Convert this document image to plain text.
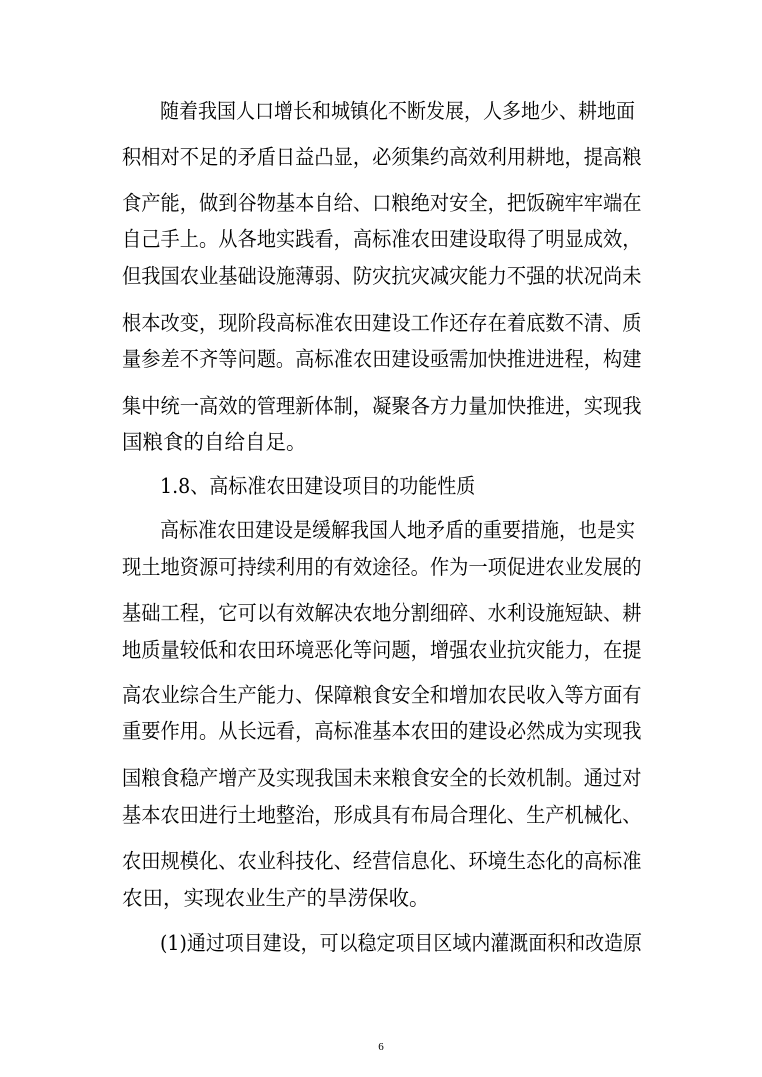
随着我国人口增长和城镇化不断发展，人多地少、耕地面
积相对不足的矛盾日益凸显，必须集约高效利用耕地，提高粮
食产能，做到谷物基本自给、口粮绝对安全，把饭碗牢牢端在
自己手上。从各地实践看，高标准农田建设取得了明显成效，
但我国农业基础设施薄弱、防灾抗灾减灾能力不强的状况尚未
根本改变，现阶段高标准农田建设工作还存在着底数不清、质
量参差不齐等问题。高标准农田建设亟需加快推进进程，构建
集中统一高效的管理新体制，凝聚各方力量加快推进，实现我
国粮食的自给自足。
1.8、高标准农田建设项目的功能性质
高标准农田建设是缓解我国人地矛盾的重要措施，也是实
现土地资源可持续利用的有效途径。作为一项促进农业发展的
基础工程，它可以有效解决农地分割细碎、水利设施短缺、耕
地质量较低和农田环境恶化等问题，增强农业抗灾能力，在提
高农业综合生产能力、保障粮食安全和增加农民收入等方面有
重要作用。从长远看，高标准基本农田的建设必然成为实现我
国粮食稳产增产及实现我国未来粮食安全的长效机制。通过对
基本农田进行土地整治，形成具有布局合理化、生产机械化、
农田规模化、农业科技化、经营信息化、环境生态化的高标准
农田，实现农业生产的旱涝保收。
(1)通过项目建设，可以稳定项目区域内灌溉面积和改造原
6
